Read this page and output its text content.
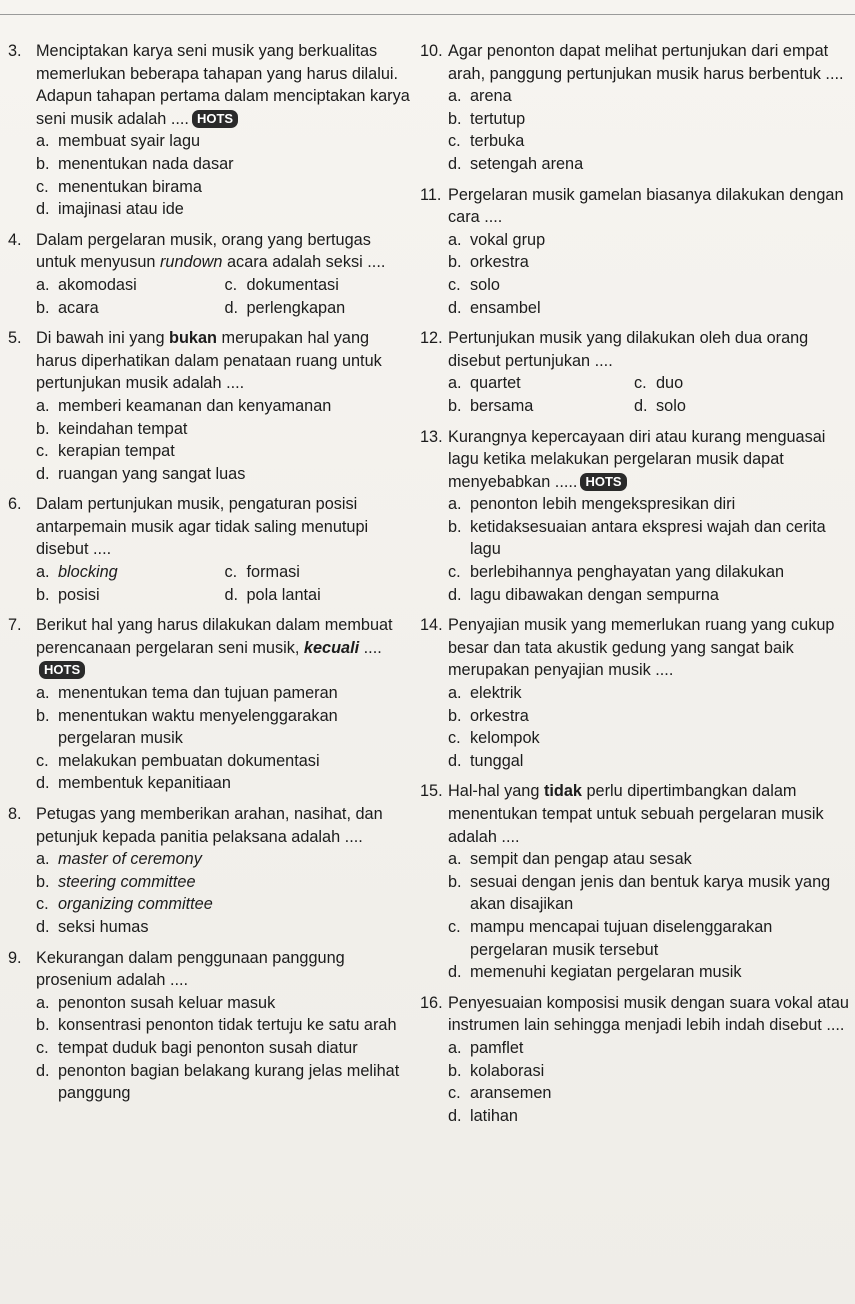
3. Menciptakan karya seni musik yang berkualitas memerlukan beberapa tahapan yang harus dilalui. Adapun tahapan pertama dalam menciptakan karya seni musik adalah .... HOTS
a. membuat syair lagu
b. menentukan nada dasar
c. menentukan birama
d. imajinasi atau ide
4. Dalam pergelaran musik, orang yang bertugas untuk menyusun rundown acara adalah seksi ....
a. akomodasi	c. dokumentasi
b. acara	d. perlengkapan
5. Di bawah ini yang bukan merupakan hal yang harus diperhatikan dalam penataan ruang untuk pertunjukan musik adalah ....
a. memberi keamanan dan kenyamanan
b. keindahan tempat
c. kerapian tempat
d. ruangan yang sangat luas
6. Dalam pertunjukan musik, pengaturan posisi antarpemain musik agar tidak saling menutupi disebut ....
a. blocking	c. formasi
b. posisi	d. pola lantai
7. Berikut hal yang harus dilakukan dalam membuat perencanaan pergelaran seni musik, kecuali ....HOTS
a. menentukan tema dan tujuan pameran
b. menentukan waktu menyelenggarakan pergelaran musik
c. melakukan pembuatan dokumentasi
d. membentuk kepanitiaan
8. Petugas yang memberikan arahan, nasihat, dan petunjuk kepada panitia pelaksana adalah ....
a. master of ceremony
b. steering committee
c. organizing committee
d. seksi humas
9. Kekurangan dalam penggunaan panggung prosenium adalah ....
a. penonton susah keluar masuk
b. konsentrasi penonton tidak tertuju ke satu arah
c. tempat duduk bagi penonton susah diatur
d. penonton bagian belakang kurang jelas melihat panggung
10. Agar penonton dapat melihat pertunjukan dari empat arah, panggung pertunjukan musik harus berbentuk ....
a. arena
b. tertutup
c. terbuka
d. setengah arena
11. Pergelaran musik gamelan biasanya dilakukan dengan cara ....
a. vokal grup
b. orkestra
c. solo
d. ensambel
12. Pertunjukan musik yang dilakukan oleh dua orang disebut pertunjukan ....
a. quartet	c. duo
b. bersama	d. solo
13. Kurangnya kepercayaan diri atau kurang menguasai lagu ketika melakukan pergelaran musik dapat menyebabkan ..... HOTS
a. penonton lebih mengekspresikan diri
b. ketidaksesuaian antara ekspresi wajah dan cerita lagu
c. berlebihannya penghayatan yang dilakukan
d. lagu dibawakan dengan sempurna
14. Penyajian musik yang memerlukan ruang yang cukup besar dan tata akustik gedung yang sangat baik merupakan penyajian musik ....
a. elektrik
b. orkestra
c. kelompok
d. tunggal
15. Hal-hal yang tidak perlu dipertimbangkan dalam menentukan tempat untuk sebuah pergelaran musik adalah ....
a. sempit dan pengap atau sesak
b. sesuai dengan jenis dan bentuk karya musik yang akan disajikan
c. mampu mencapai tujuan diselenggarakan pergelaran musik tersebut
d. memenuhi kegiatan pergelaran musik
16. Penyesuaian komposisi musik dengan suara vokal atau instrumen lain sehingga menjadi lebih indah disebut ....
a. pamflet
b. kolaborasi
c. aransemen
d. latihan
